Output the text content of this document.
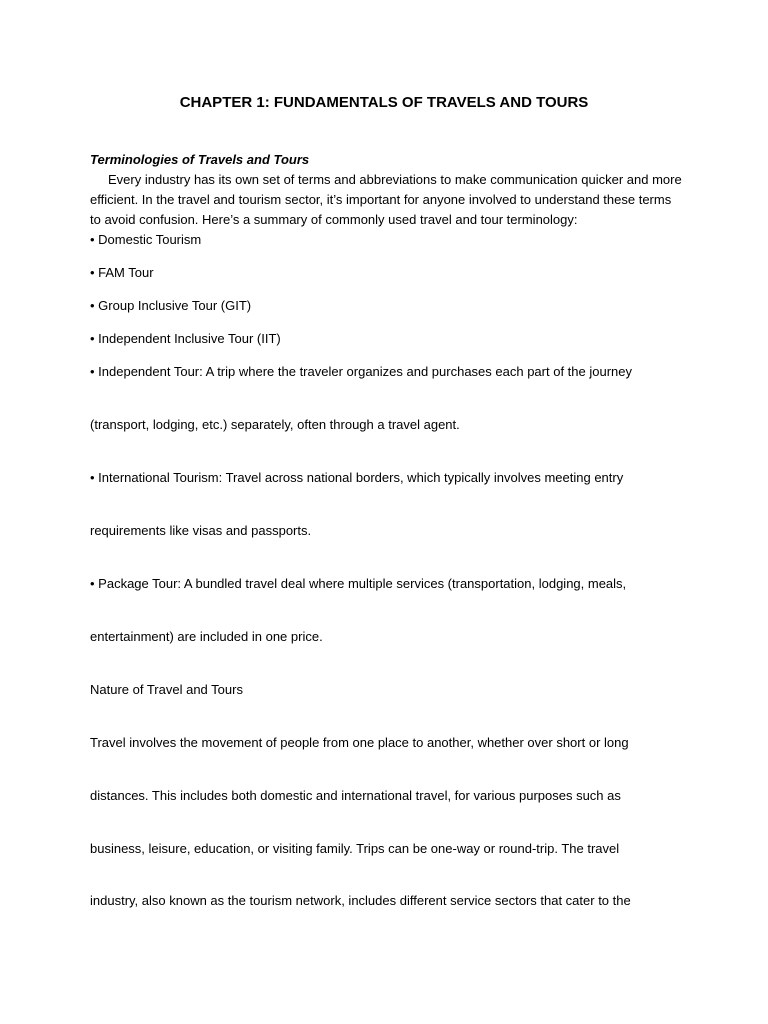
CHAPTER 1: FUNDAMENTALS OF TRAVELS AND TOURS
Terminologies of Travels and Tours
Every industry has its own set of terms and abbreviations to make communication quicker and more
efficient. In the travel and tourism sector, it’s important for anyone involved to understand these terms
to avoid confusion. Here’s a summary of commonly used travel and tour terminology:
• Domestic Tourism
• FAM Tour
• Group Inclusive Tour (GIT)
• Independent Inclusive Tour (IIT)
• Independent Tour: A trip where the traveler organizes and purchases each part of the journey
(transport, lodging, etc.) separately, often through a travel agent.
• International Tourism: Travel across national borders, which typically involves meeting entry
requirements like visas and passports.
• Package Tour: A bundled travel deal where multiple services (transportation, lodging, meals,
entertainment) are included in one price.
Nature of Travel and Tours
Travel involves the movement of people from one place to another, whether over short or long
distances. This includes both domestic and international travel, for various purposes such as
business, leisure, education, or visiting family. Trips can be one-way or round-trip. The travel
industry, also known as the tourism network, includes different service sectors that cater to the
